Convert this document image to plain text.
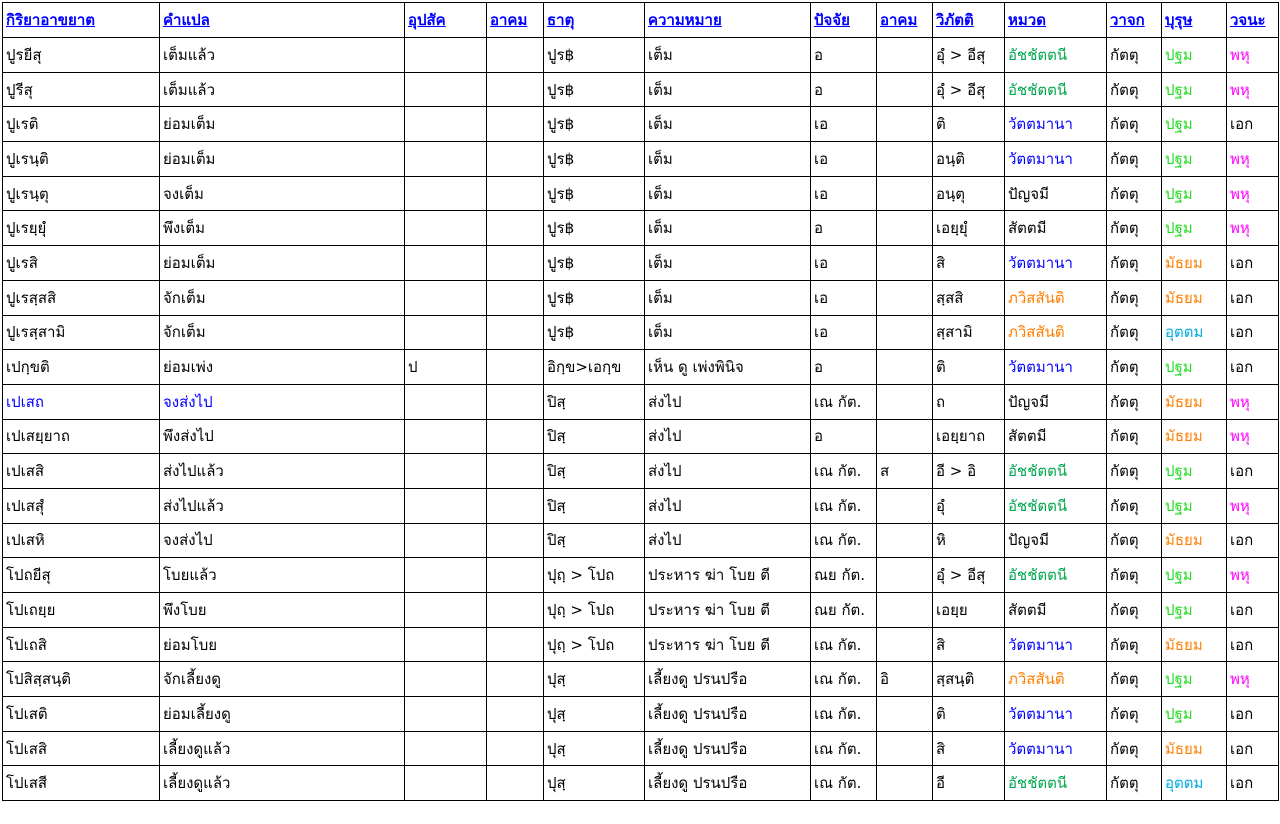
กิริยาอาขยาต	คำแปล	อุปสัค	อาคม	ธาตุ	ความหมาย	ปัจจัย	อาคม	วิภัตติ	หมวด	วาจก	บุรุษ	วจนะ
ปูรยีสุ	เต็มแล้ว			ปูร฿	เต็ม	อ		อุํ > อีสุ	อัชชัตตนี	กัตตุ	ปฐม	พหุ
ปูรีสุ	เต็มแล้ว			ปูร฿	เต็ม	อ		อุํ > อีสุ	อัชชัตตนี	กัตตุ	ปฐม	พหุ
ปูเรติ	ย่อมเต็ม			ปูร฿	เต็ม	เอ		ติ	วัตตมานา	กัตตุ	ปฐม	เอก
ปูเรนฺติ	ย่อมเต็ม			ปูร฿	เต็ม	เอ		อนฺติ	วัตตมานา	กัตตุ	ปฐม	พหุ
ปูเรนฺตุ	จงเต็ม			ปูร฿	เต็ม	เอ		อนฺตุ	ปัญจมี	กัตตุ	ปฐม	พหุ
ปูเรยฺยุํ	พึงเต็ม			ปูร฿	เต็ม	อ		เอยฺยุํ	สัตตมี	กัตตุ	ปฐม	พหุ
ปูเรสิ	ย่อมเต็ม			ปูร฿	เต็ม	เอ		สิ	วัตตมานา	กัตตุ	มัธยม	เอก
ปูเรสฺสสิ	จักเต็ม			ปูร฿	เต็ม	เอ		สฺสสิ	ภวิสสันติ	กัตตุ	มัธยม	เอก
ปูเรสฺสามิ	จักเต็ม			ปูร฿	เต็ม	เอ		สฺสามิ	ภวิสสันติ	กัตตุ	อุตตม	เอก
เปกฺขติ	ย่อมเพ่ง	ป		อิกฺข>เอกฺข	เห็น ดู เพ่งพินิจ	อ		ติ	วัตตมานา	กัตตุ	ปฐม	เอก
เปเสถ	จงส่งไป			ปิสฺ	ส่งไป	เณ กัต.		ถ	ปัญจมี	กัตตุ	มัธยม	พหุ
เปเสยฺยาถ	พึงส่งไป			ปิสฺ	ส่งไป	อ		เอยฺยาถ	สัตตมี	กัตตุ	มัธยม	พหุ
เปเสสิ	ส่งไปแล้ว			ปิสฺ	ส่งไป	เณ กัต.	ส	อี > อิ	อัชชัตตนี	กัตตุ	ปฐม	เอก
เปเสสุํ	ส่งไปแล้ว			ปิสฺ	ส่งไป	เณ กัต.		อุํ	อัชชัตตนี	กัตตุ	ปฐม	พหุ
เปเสหิ	จงส่งไป			ปิสฺ	ส่งไป	เณ กัต.		หิ	ปัญจมี	กัตตุ	มัธยม	เอก
โปถยีสุ	โบยแล้ว			ปุถฺ > โปถ	ประหาร ฆ่า โบย ตี	ณย กัต.		อุํ > อีสุ	อัชชัตตนี	กัตตุ	ปฐม	พหุ
โปเถยฺย	พึงโบย			ปุถฺ > โปถ	ประหาร ฆ่า โบย ตี	ณย กัต.		เอยฺย	สัตตมี	กัตตุ	ปฐม	เอก
โปเถสิ	ย่อมโบย			ปุถฺ > โปถ	ประหาร ฆ่า โบย ตี	เณ กัต.		สิ	วัตตมานา	กัตตุ	มัธยม	เอก
โปสิสฺสนฺติ	จักเลี้ยงดู			ปุสฺ	เลี้ยงดู ปรนปรือ	เณ กัต.	อิ	สฺสนฺติ	ภวิสสันติ	กัตตุ	ปฐม	พหุ
โปเสติ	ย่อมเลี้ยงดู			ปุสฺ	เลี้ยงดู ปรนปรือ	เณ กัต.		ติ	วัตตมานา	กัตตุ	ปฐม	เอก
โปเสสิ	เลี้ยงดูแล้ว			ปุสฺ	เลี้ยงดู ปรนปรือ	เณ กัต.		สิ	วัตตมานา	กัตตุ	มัธยม	เอก
โปเสสี	เลี้ยงดูแล้ว			ปุสฺ	เลี้ยงดู ปรนปรือ	เณ กัต.		อี	อัชชัตตนี	กัตตุ	อุตตม	เอก
